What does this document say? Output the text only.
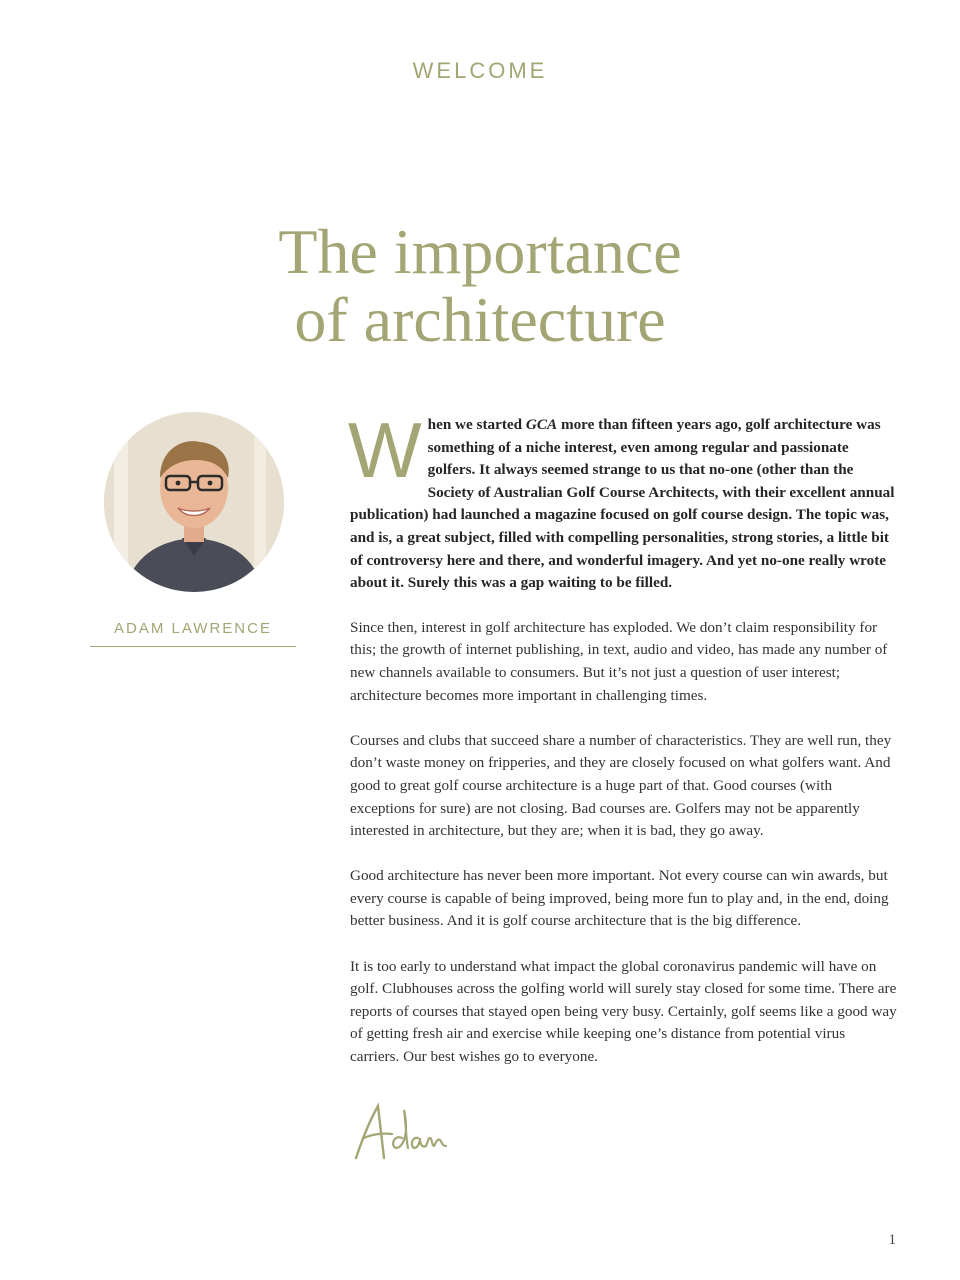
WELCOME
The importance
of architecture
ADAM LAWRENCE

When we started GCA more than fifteen years ago, golf architecture was something of a niche interest, even among regular and passionate golfers. It always seemed strange to us that no-one (other than the Society of Australian Golf Course Architects, with their excellent annual publication) had launched a magazine focused on golf course design. The topic was, and is, a great subject, filled with compelling personalities, strong stories, a little bit of controversy here and there, and wonderful imagery. And yet no-one really wrote about it. Surely this was a gap waiting to be filled.

Since then, interest in golf architecture has exploded. We don’t claim responsibility for this; the growth of internet publishing, in text, audio and video, has made any number of new channels available to consumers. But it’s not just a question of user interest; architecture becomes more important in challenging times.

Courses and clubs that succeed share a number of characteristics. They are well run, they don’t waste money on fripperies, and they are closely focused on what golfers want. And good to great golf course architecture is a huge part of that. Good courses (with exceptions for sure) are not closing. Bad courses are. Golfers may not be apparently interested in architecture, but they are; when it is bad, they go away.

Good architecture has never been more important. Not every course can win awards, but every course is capable of being improved, being more fun to play and, in the end, doing better business. And it is golf course architecture that is the big difference.

It is too early to understand what impact the global coronavirus pandemic will have on golf. Clubhouses across the golfing world will surely stay closed for some time. There are reports of courses that stayed open being very busy. Certainly, golf seems like a good way of getting fresh air and exercise while keeping one’s distance from potential virus carriers. Our best wishes go to everyone.

1
